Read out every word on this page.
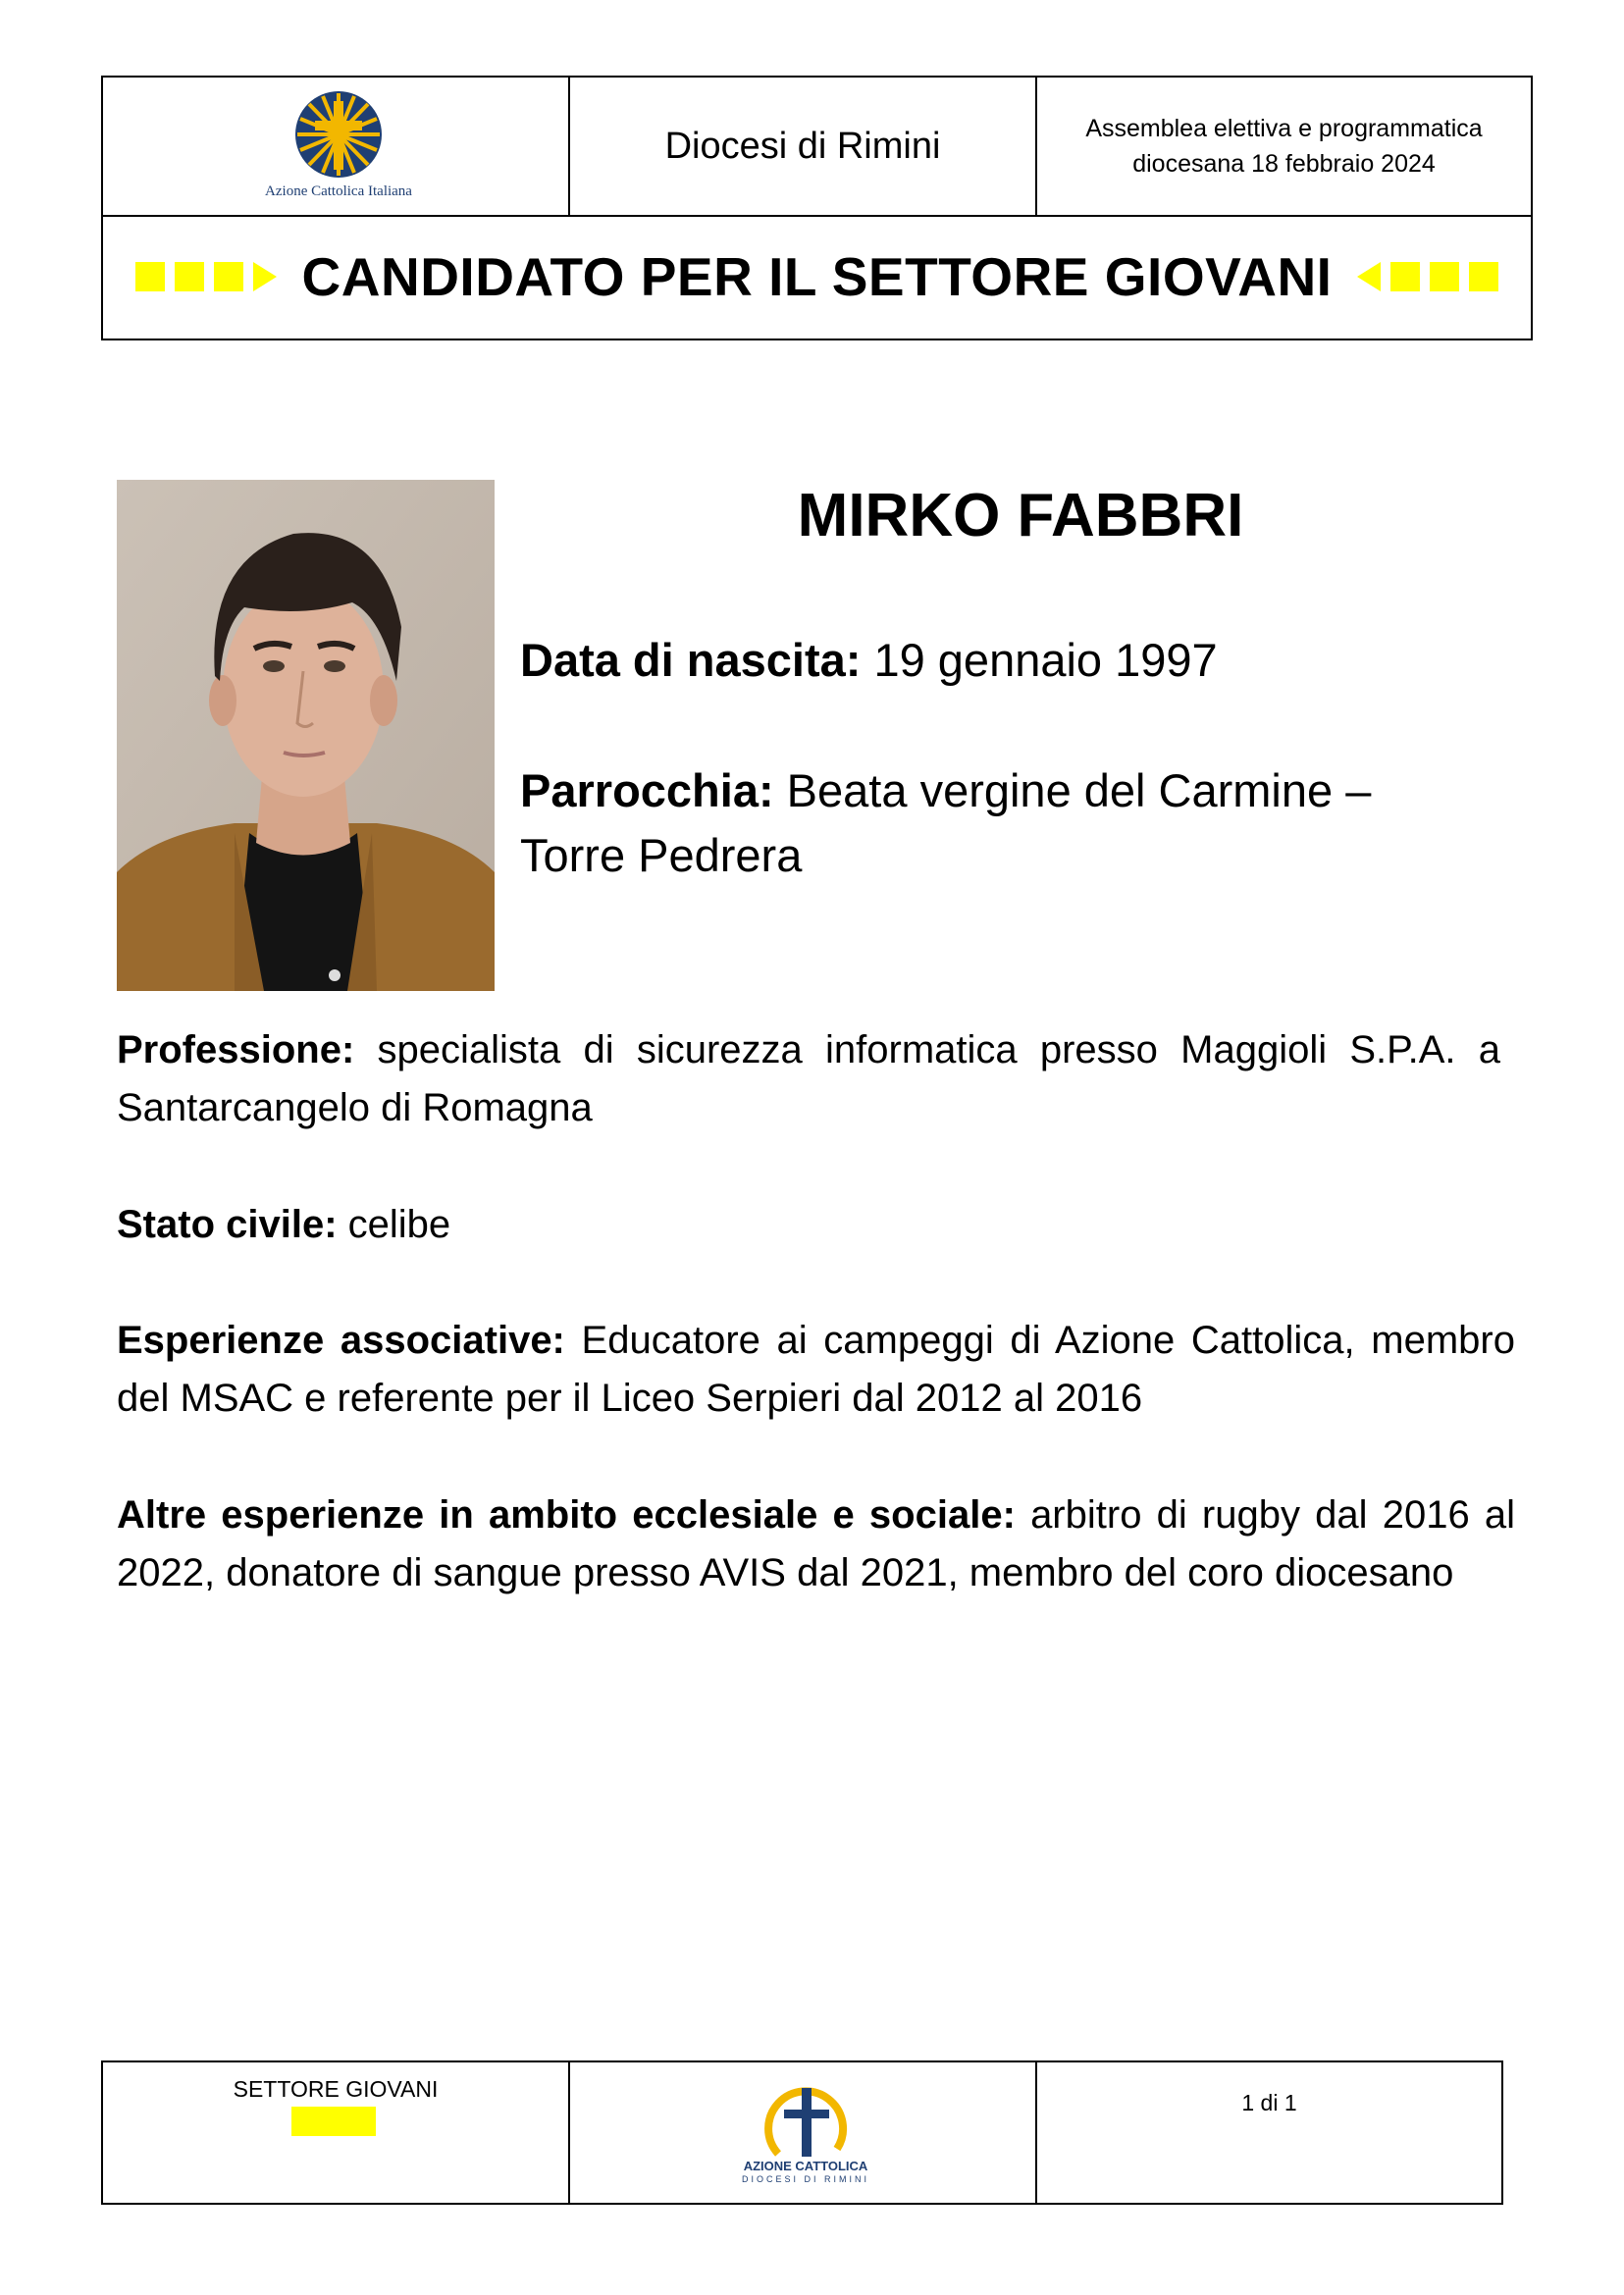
Azione Cattolica Italiana
Diocesi di Rimini	Assemblea elettiva e programmatica
diocesana 18 febbraio 2024
CANDIDATO PER IL SETTORE GIOVANI
MIRKO FABBRI
Data di nascita: 19 gennaio 1997
Parrocchia: Beata vergine del Carmine –
Torre Pedrera
Professione: specialista di sicurezza informatica presso Maggioli S.P.A. a Santarcangelo di Romagna
Stato civile: celibe
Esperienze associative: Educatore ai campeggi di Azione Cattolica, membro del MSAC e referente per il Liceo Serpieri dal 2012 al 2016
Altre esperienze in ambito ecclesiale e sociale: arbitro di rugby dal 2016 al 2022, donatore di sangue presso AVIS dal 2021, membro del coro diocesano
SETTORE GIOVANI
AZIONE CATTOLICA
DIOCESI DI RIMINI
1 di 1
